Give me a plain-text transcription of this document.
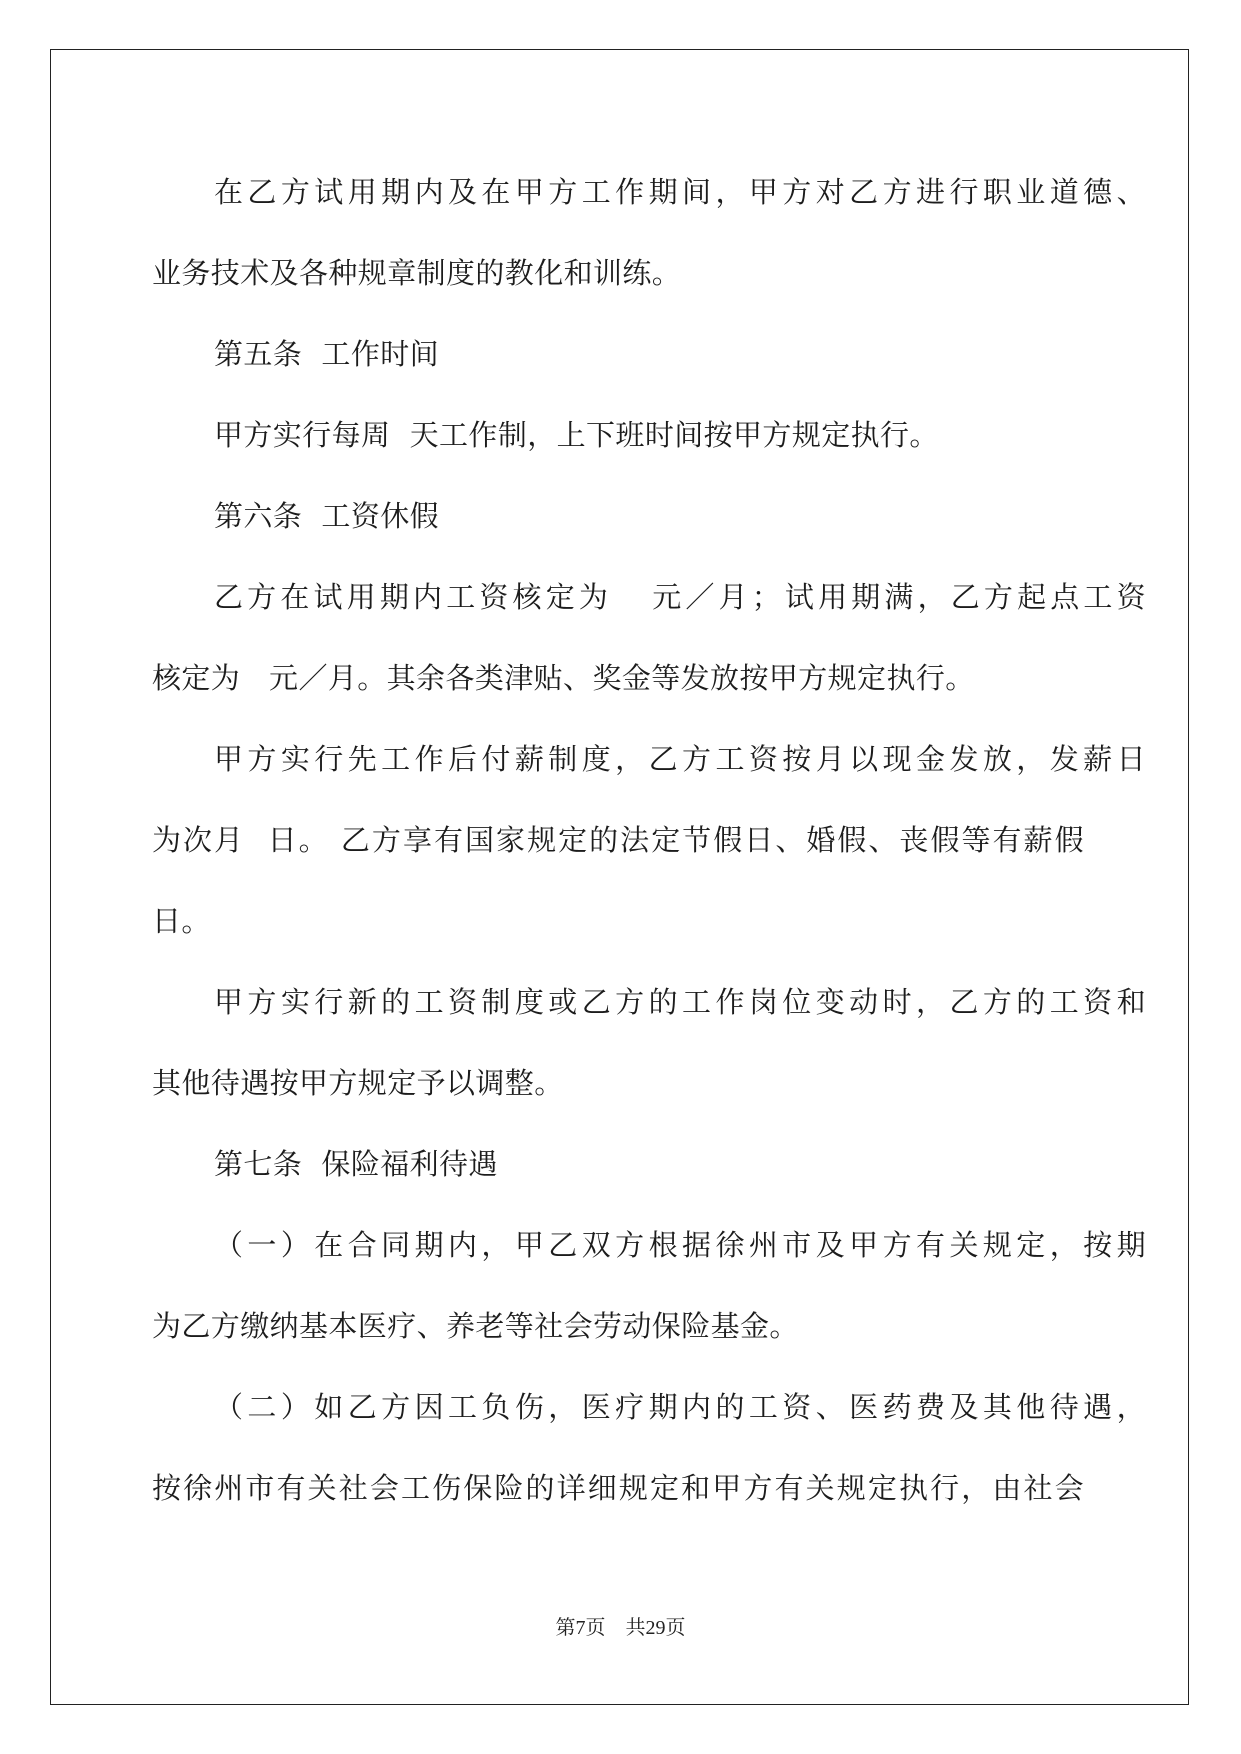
在乙方试用期内及在甲方工作期间，甲方对乙方进行职业道德、
业务技术及各种规章制度的教化和训练。
第五条  工作时间
甲方实行每周  天工作制，上下班时间按甲方规定执行。
第六条  工资休假
乙方在试用期内工资核定为   元／月；试用期满，乙方起点工资
核定为   元／月。其余各类津贴、奖金等发放按甲方规定执行。
甲方实行先工作后付薪制度，乙方工资按月以现金发放，发薪日
为次月  日。 乙方享有国家规定的法定节假日、婚假、丧假等有薪假
日。
甲方实行新的工资制度或乙方的工作岗位变动时，乙方的工资和
其他待遇按甲方规定予以调整。
第七条  保险福利待遇
（一）在合同期内，甲乙双方根据徐州市及甲方有关规定，按期
为乙方缴纳基本医疗、养老等社会劳动保险基金。
（二）如乙方因工负伤，医疗期内的工资、医药费及其他待遇，
按徐州市有关社会工伤保险的详细规定和甲方有关规定执行，由社会
第7页    共29页
